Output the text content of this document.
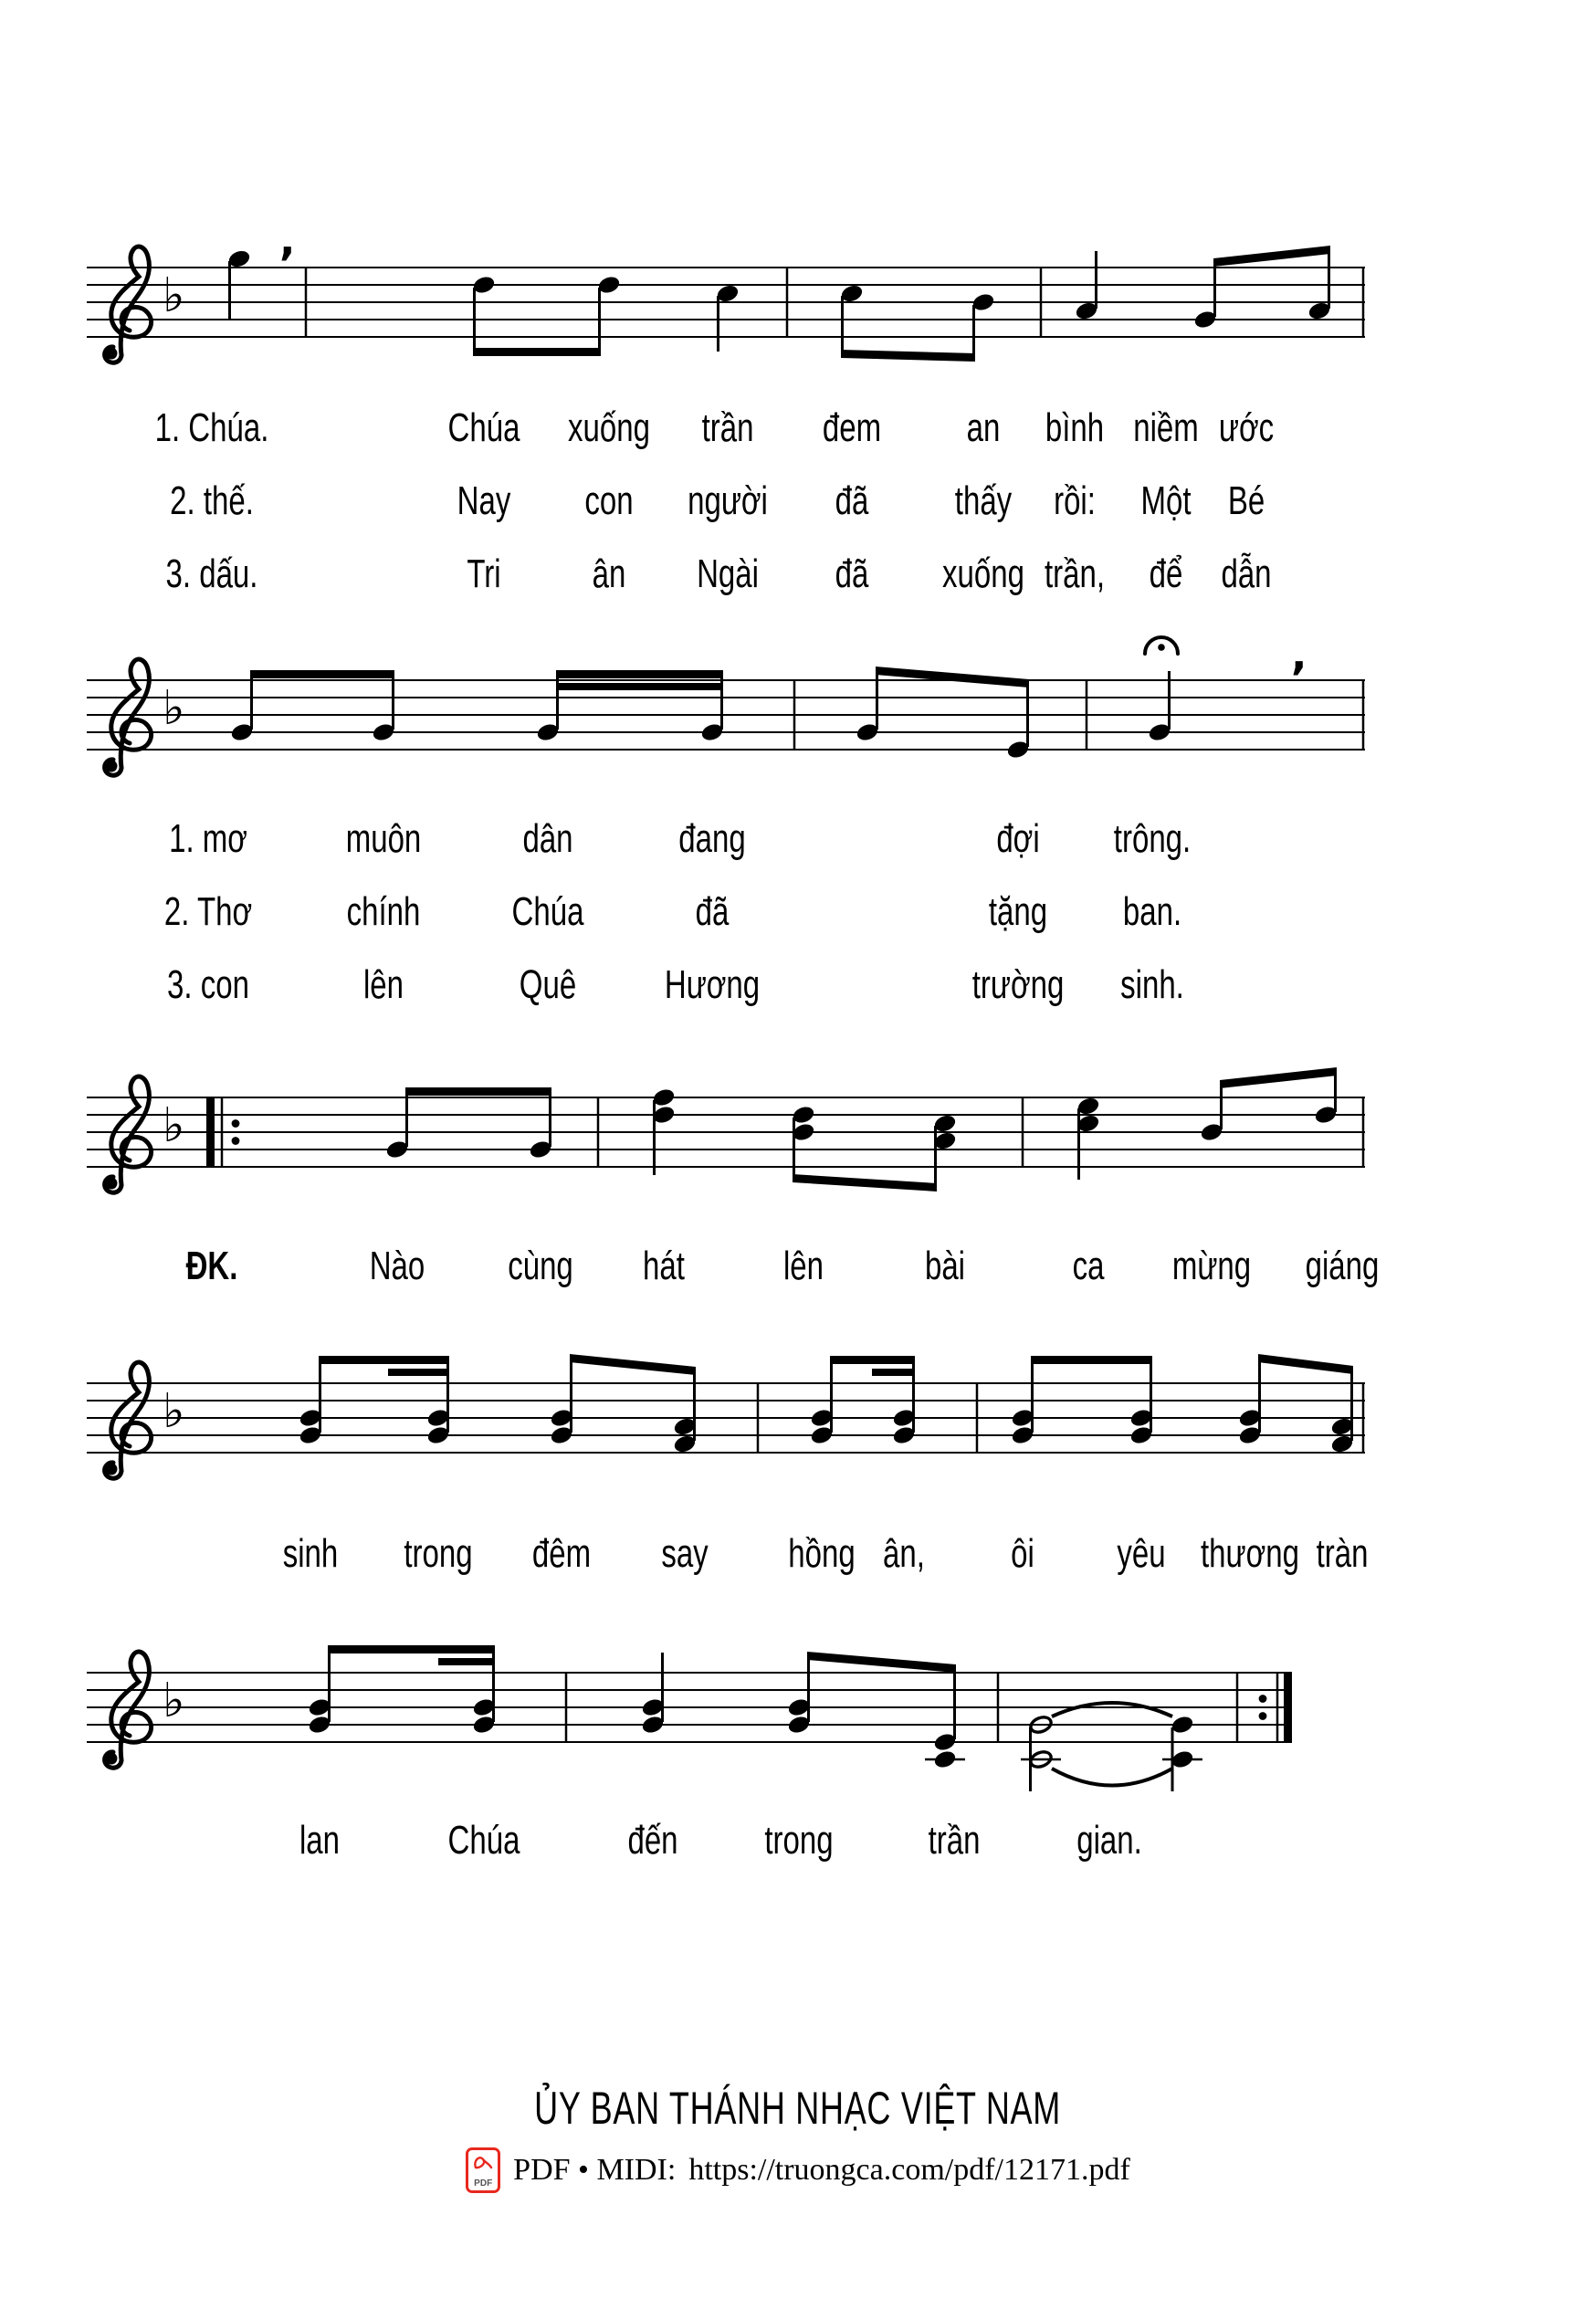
1. Chúa.	Chúa xuống trần đem an bình niềm ước
2. thế.	Nay con người đã thấy rồi: Một Bé
3. dấu.	Tri ân Ngài đã xuống trần, để dẫn
1. mơ muôn	dân	đang	đợi trông.
2. Thơ chính Chúa	đã	tặng ban.
3. con	lên	Quê Hương	trường sinh.
ĐK.	Nào cùng hát lên	bài	ca mừng giáng
sinh trong đêm say hồng ân, ôi yêu thương tràn
lan	Chúa	đến trong trần gian.
ỦY BAN THÁNH NHẠC VIỆT NAM
PDF PDF • MIDI: https://truongca.com/pdf/12171.pdf
